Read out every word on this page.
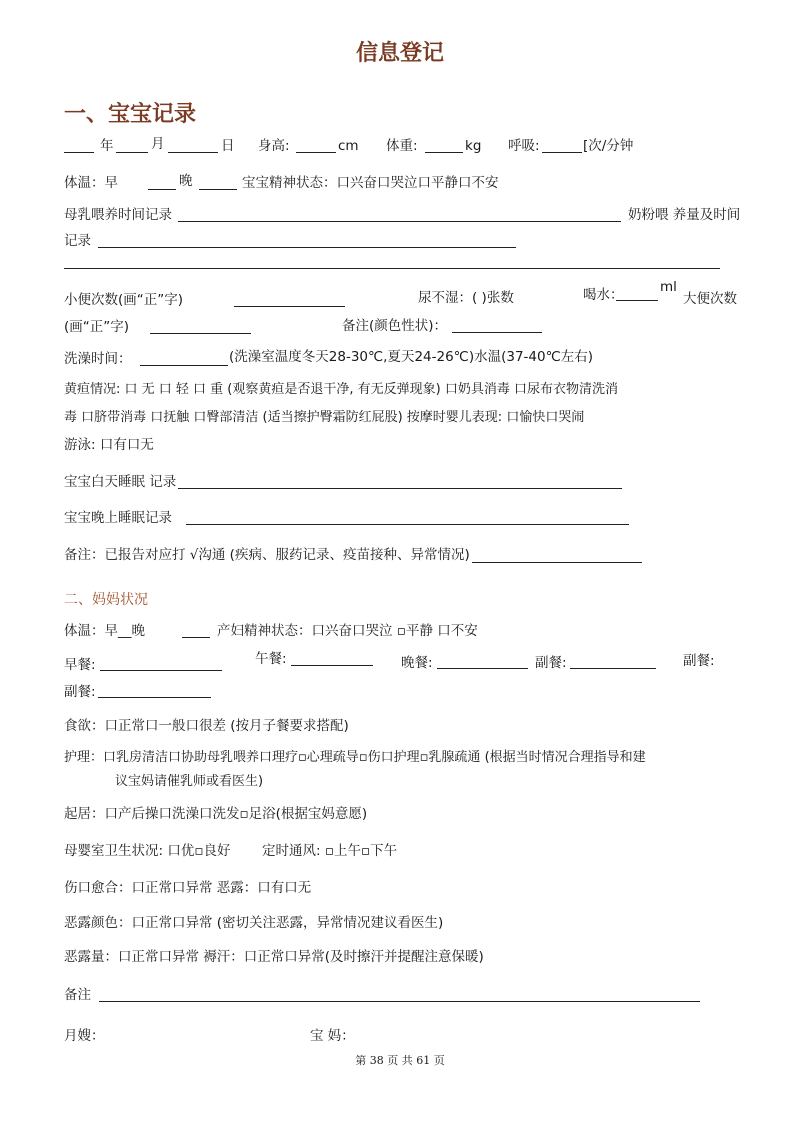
信息登记
一、宝宝记录
年	月	日 身高:	cm 体重:	kg 呼吸:	[次/分钟
体温：早	晚	宝宝精神状态：口兴奋口哭泣口平静口不安
母乳喂养时间记录	奶粉喂 养量及时间
记录
小便次数(画“正”字)	尿不湿：( )张数	喝水：	ml
大便次数
(画“正”字)	备注(颜色性状)：
洗澡时间：	(洗澡室温度冬天28-30℃,夏天24-26℃)水温(37-40℃左右)
黄疸情况: 口 无 口 轻 口 重 (观察黄疸是否退干净, 有无反弹现象) 口奶具消毒 口尿布衣物清洗消
毒 口脐带消毒 口抚触 口臀部清洁 (适当擦护臀霜防红屁股) 按摩时婴儿表现: 口愉快口哭闹
游泳: 口有口无
宝宝白天睡眠 记录
宝宝晚上睡眠记录
备注：已报告对应打 √沟通 (疾病、服药记录、疫苗接种、异常情况)
二、妈妈状况
体温：早__晚	产妇精神状态：口兴奋口哭泣 ▫平静 口不安
早餐:	午餐:	晚餐:	副餐:	副餐:
副餐:
食欲：口正常口一般口很差 (按月子餐要求搭配)
护理：口乳房清洁口协助母乳喂养口理疗▫心理疏导▫伤口护理▫乳腺疏通 (根据当时情况合理指导和建
议宝妈请催乳师或看医生)
起居：口产后操口洗澡口洗发▫足浴(根据宝妈意愿)
母婴室卫生状况: 口优▫良好 定时通风: ▫上午▫下午
伤口愈合：口正常口异常 恶露：口有口无
恶露颜色：口正常口异常 (密切关注恶露，异常情况建议看医生)
恶露量：口正常口异常 褥汗：口正常口异常(及时擦汗并提醒注意保暖)
备注
月嫂：	宝 妈：
第 38 页 共 61 页
